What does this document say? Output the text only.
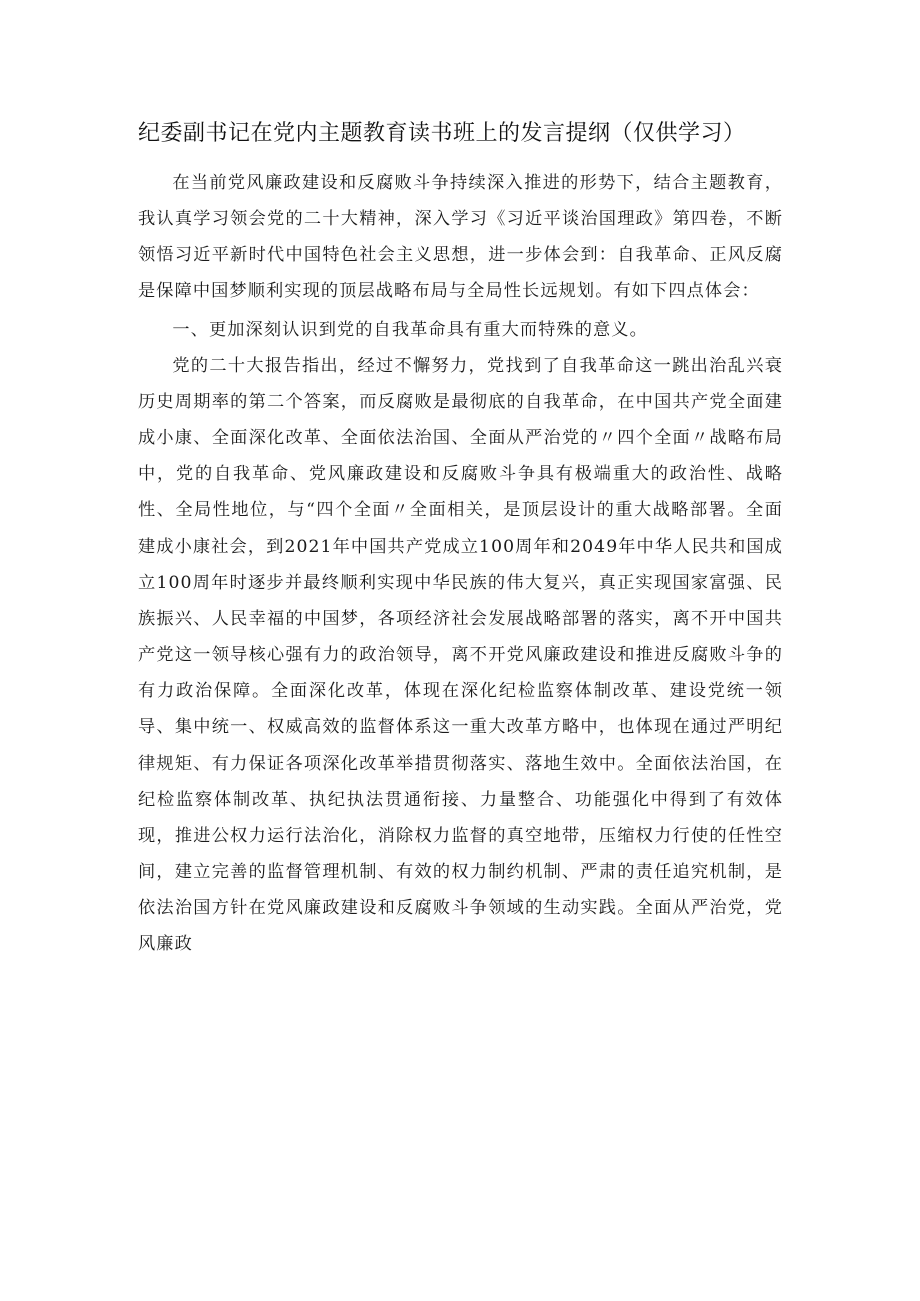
纪委副书记在党内主题教育读书班上的发言提纲（仅供学习）

在当前党风廉政建设和反腐败斗争持续深入推进的形势下，结合主题教育，我认真学习领会党的二十大精神，深入学习《习近平谈治国理政》第四卷，不断领悟习近平新时代中国特色社会主义思想，进一步体会到：自我革命、正风反腐是保障中国梦顺利实现的顶层战略布局与全局性长远规划。有如下四点体会：

一、更加深刻认识到党的自我革命具有重大而特殊的意义。

党的二十大报告指出，经过不懈努力，党找到了自我革命这一跳出治乱兴衰历史周期率的第二个答案，而反腐败是最彻底的自我革命，在中国共产党全面建成小康、全面深化改革、全面依法治国、全面从严治党的〃四个全面〃战略布局中，党的自我革命、党风廉政建设和反腐败斗争具有极端重大的政治性、战略性、全局性地位，与“四个全面〃全面相关，是顶层设计的重大战略部署。全面建成小康社会，到2021年中国共产党成立100周年和2049年中华人民共和国成立100周年时逐步并最终顺利实现中华民族的伟大复兴，真正实现国家富强、民族振兴、人民幸福的中国梦，各项经济社会发展战略部署的落实，离不开中国共产党这一领导核心强有力的政治领导，离不开党风廉政建设和推进反腐败斗争的有力政治保障。全面深化改革，体现在深化纪检监察体制改革、建设党统一领导、集中统一、权威高效的监督体系这一重大改革方略中，也体现在通过严明纪律规矩、有力保证各项深化改革举措贯彻落实、落地生效中。全面依法治国，在纪检监察体制改革、执纪执法贯通衔接、力量整合、功能强化中得到了有效体现，推进公权力运行法治化，消除权力监督的真空地带，压缩权力行使的任性空间，建立完善的监督管理机制、有效的权力制约机制、严肃的责任追究机制，是依法治国方针在党风廉政建设和反腐败斗争领域的生动实践。全面从严治党，党风廉政
